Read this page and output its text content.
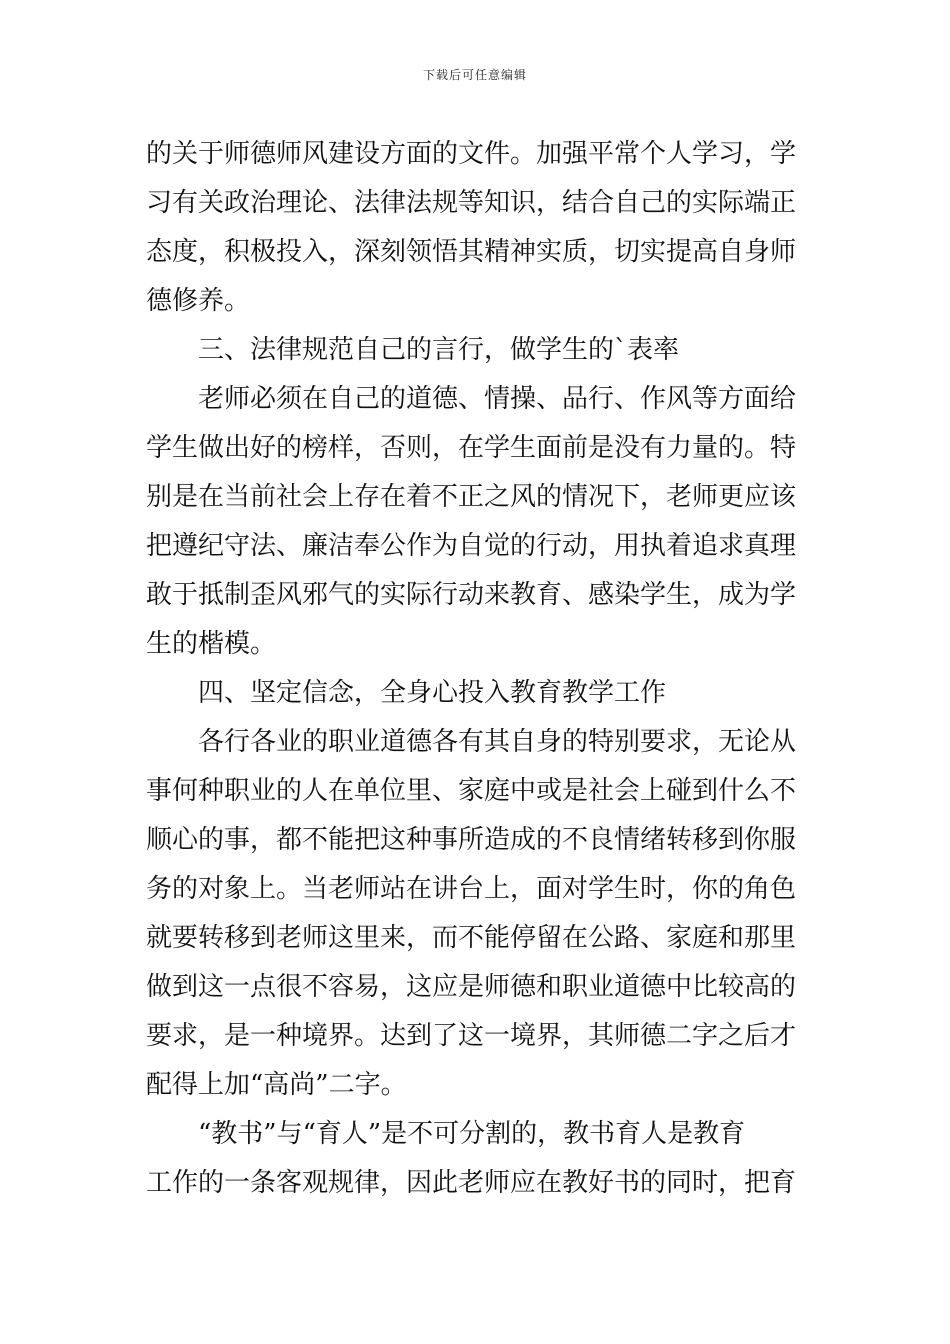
下载后可任意编辑
的关于师德师风建设方面的文件。加强平常个人学习，学
习有关政治理论、法律法规等知识，结合自己的实际端正
态度，积极投入，深刻领悟其精神实质，切实提高自身师
德修养。
三、法律规范自己的言行，做学生的`表率
老师必须在自己的道德、情操、品行、作风等方面给
学生做出好的榜样，否则，在学生面前是没有力量的。特
别是在当前社会上存在着不正之风的情况下，老师更应该
把遵纪守法、廉洁奉公作为自觉的行动，用执着追求真理
敢于抵制歪风邪气的实际行动来教育、感染学生，成为学
生的楷模。
四、坚定信念，全身心投入教育教学工作
各行各业的职业道德各有其自身的特别要求，无论从
事何种职业的人在单位里、家庭中或是社会上碰到什么不
顺心的事，都不能把这种事所造成的不良情绪转移到你服
务的对象上。当老师站在讲台上，面对学生时，你的角色
就要转移到老师这里来，而不能停留在公路、家庭和那里
做到这一点很不容易，这应是师德和职业道德中比较高的
要求，是一种境界。达到了这一境界，其师德二字之后才
配得上加“高尚”二字。
“教书”与“育人”是不可分割的，教书育人是教育
工作的一条客观规律，因此老师应在教好书的同时，把育
